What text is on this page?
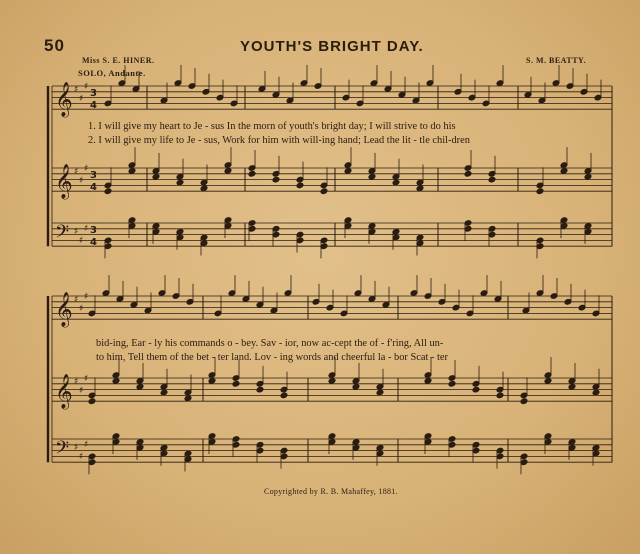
50	YOUTH'S BRIGHT DAY.
Miss S. E. HINER.	S. M. BEATTY.
SOLO, Andante.
𝄞 ♯
♯
♯
3
4
𝄞 ♯
♯
♯
3
4
𝄢 ♯
♯
♯ 3
4
𝄞 ♯
♯
♯
𝄞 ♯
♯
♯
𝄢 ♯
♯
♯
1. I will give my heart to Je - sus In the morn of youth's bright day; I will strive to do his
2. I will give my life to Je - sus, Work for him with will-ing hand; Lead the lit - tle chil-dren
bid-ing, Ear - ly his commands o - bey. Sav - ior, now ac-cept the of - f'ring, All un-
to him, Tell them of the bet - ter land. Lov - ing words and cheerful la - bor Scat - ter
Copyrighted by R. B. Mahaffey, 1881.
